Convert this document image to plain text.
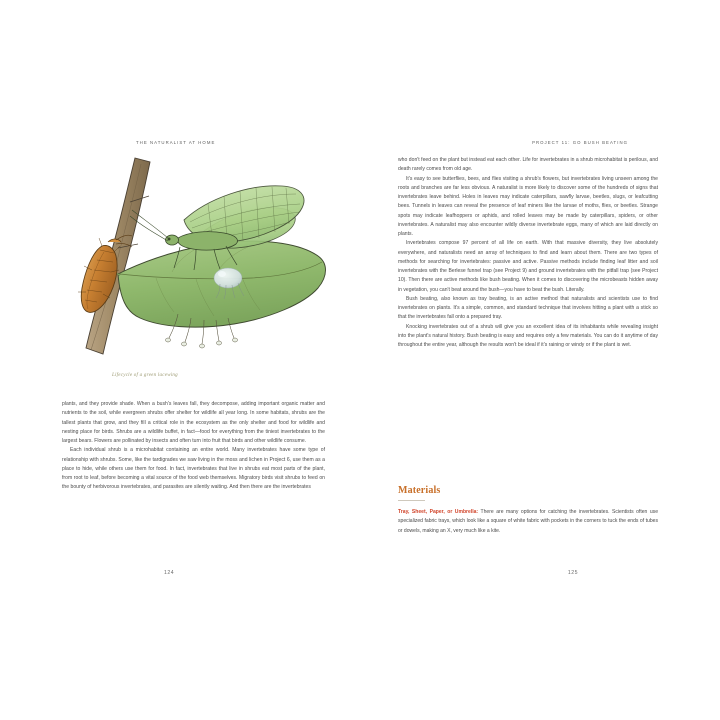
THE NATURALIST AT HOME
Lifecycle of a green lacewing

plants, and they provide shade. When a bush's leaves fall, they decompose, adding important organic matter and nutrients to the soil, while evergreen shrubs offer shelter for wildlife all year long. In some habitats, shrubs are the tallest plants that grow, and they fill a critical role in the ecosystem as the only shelter and food for wildlife and nesting place for birds. Shrubs are a wildlife buffet, in fact—food for everything from the tiniest invertebrates to the largest bears. Flowers are pollinated by insects and often turn into fruit that birds and other wildlife consume.

Each individual shrub is a microhabitat containing an entire world. Many invertebrates have some type of relationship with shrubs. Some, like the tardigrades we saw living in the moss and lichen in Project 6, use them as a place to hide, while others use them for food. In fact, invertebrates that live in shrubs eat most parts of the plant, from root to leaf, before becoming a vital source of the food web themselves. Migratory birds visit shrubs to feed on the bounty of herbivorous invertebrates, and parasites are silently waiting. And then there are the invertebrates

124
PROJECT 11: GO BUSH BEATING

who don't feed on the plant but instead eat each other. Life for invertebrates in a shrub microhabitat is perilous, and death rarely comes from old age.

It's easy to see butterflies, bees, and flies visiting a shrub's flowers, but invertebrates living unseen among the roots and branches are far less obvious. A naturalist is more likely to discover some of the hundreds of signs that invertebrates leave behind. Holes in leaves may indicate caterpillars, sawfly larvae, beetles, slugs, or leafcutting bees. Tunnels in leaves can reveal the presence of leaf miners like the larvae of moths, flies, or beetles. Strange spots may indicate leafhoppers or aphids, and rolled leaves may be made by caterpillars, spiders, or other invertebrates. A naturalist may also encounter wildly diverse invertebrate eggs, many of which are laid directly on plants.

Invertebrates compose 97 percent of all life on earth. With that massive diversity, they live absolutely everywhere, and naturalists need an array of techniques to find and learn about them. There are two types of methods for searching for invertebrates: passive and active. Passive methods include finding leaf litter and soil invertebrates with the Berlese funnel trap (see Project 9) and ground invertebrates with the pitfall trap (see Project 10). Then there are active methods like bush beating. When it comes to discovering the microbeasts hidden away in vegetation, you can't beat around the bush—you have to beat the bush. Literally.

Bush beating, also known as tray beating, is an active method that naturalists and scientists use to find invertebrates on plants. It's a simple, common, and standard technique that involves hitting a plant with a stick so that the invertebrates fall onto a prepared tray.

Knocking invertebrates out of a shrub will give you an excellent idea of its inhabitants while revealing insight into the plant's natural history. Bush beating is easy and requires only a few materials. You can do it anytime of day throughout the entire year, although the results won't be ideal if it's raining or windy or if the plant is wet.

Materials
Tray, Sheet, Paper, or Umbrella: There are many options for catching the invertebrates. Scientists often use specialized fabric trays, which look like a square of white fabric with pockets in the corners to tuck the ends of tubes or dowels, making an X, very much like a kite.
125
